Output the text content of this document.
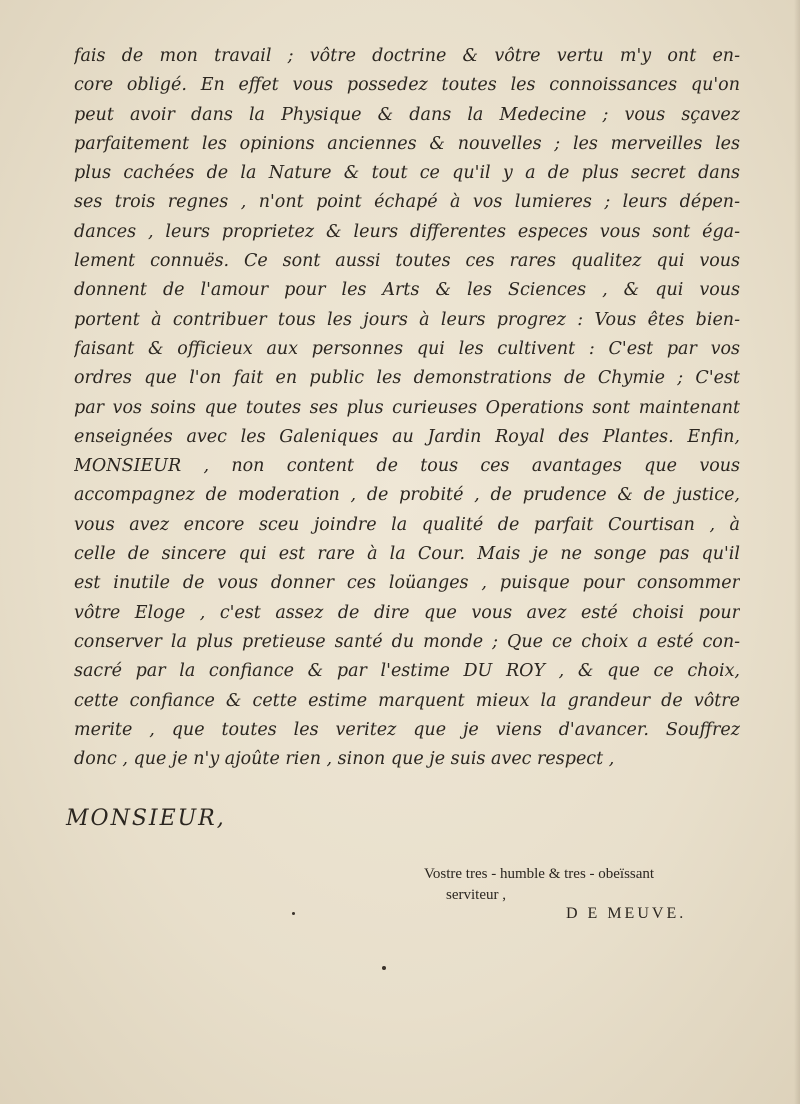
fais de mon travail ; vôtre doctrine & vôtre vertu m'y ont en-
core obligé. En effet vous possedez toutes les connoissances qu'on
peut avoir dans la Physique & dans la Medecine ; vous sçavez
parfaitement les opinions anciennes & nouvelles ; les merveilles les
plus cachées de la Nature & tout ce qu'il y a de plus secret dans
ses trois regnes , n'ont point échapé à vos lumieres ; leurs dépen-
dances , leurs proprietez & leurs differentes especes vous sont éga-
lement connuës. Ce sont aussi toutes ces rares qualitez qui vous
donnent de l'amour pour les Arts & les Sciences , & qui vous
portent à contribuer tous les jours à leurs progrez : Vous êtes bien-
faisant & officieux aux personnes qui les cultivent : C'est par vos
ordres que l'on fait en public les demonstrations de Chymie ; C'est
par vos soins que toutes ses plus curieuses Operations sont maintenant
enseignées avec les Galeniques au Jardin Royal des Plantes. Enfin,
MONSIEUR , non content de tous ces avantages que vous
accompagnez de moderation , de probité , de prudence & de justice,
vous avez encore sceu joindre la qualité de parfait Courtisan , à
celle de sincere qui est rare à la Cour. Mais je ne songe pas qu'il
est inutile de vous donner ces loüanges , puisque pour consommer
vôtre Eloge , c'est assez de dire que vous avez esté choisi pour
conserver la plus pretieuse santé du monde ; Que ce choix a esté con-
sacré par la confiance & par l'estime DU ROY , & que ce choix,
cette confiance & cette estime marquent mieux la grandeur de vôtre
merite , que toutes les veritez que je viens d'avancer. Souffrez
donc , que je n'y ajoûte rien , sinon que je suis avec respect ,
MONSIEUR,
Vostre tres - humble & tres - obeïssant
serviteur ,
D E MEUVE.
